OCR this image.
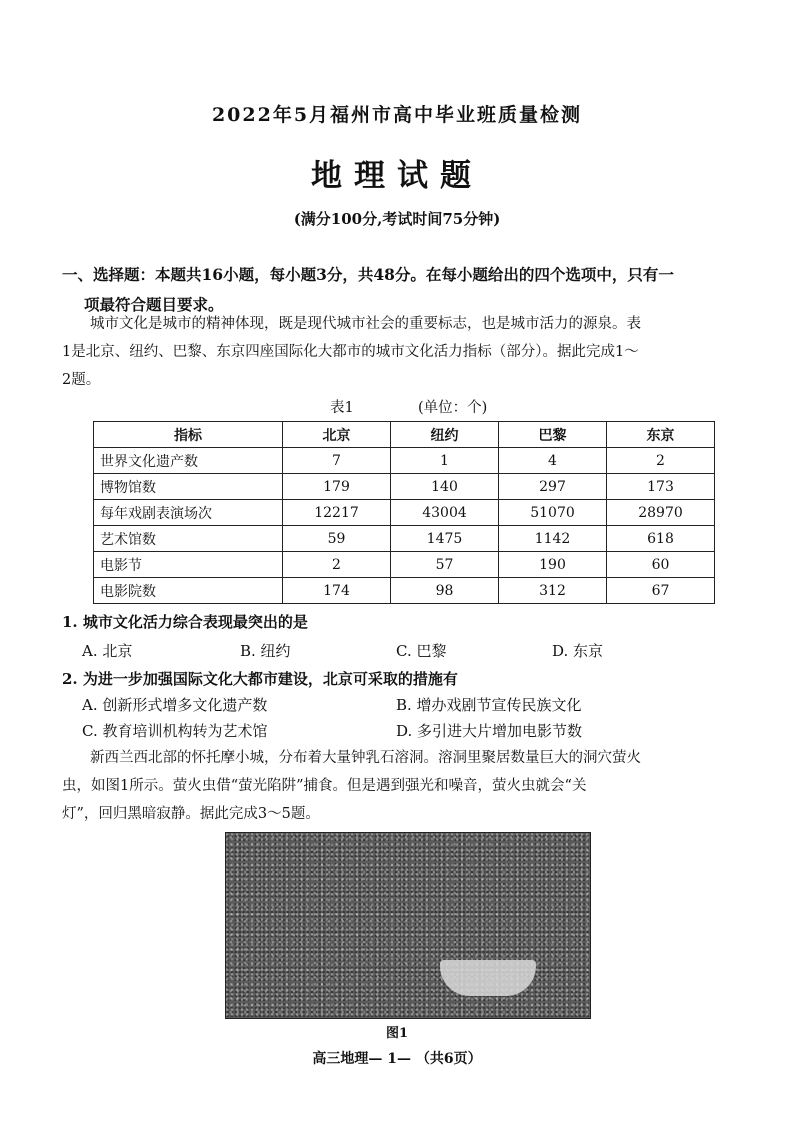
2022年5月福州市高中毕业班质量检测
地理试题
(满分100分,考试时间75分钟)
一、选择题：本题共16小题，每小题3分，共48分。在每小题给出的四个选项中，只有一
项最符合题目要求。

城市文化是城市的精神体现，既是现代城市社会的重要标志，也是城市活力的源泉。表

1是北京、纽约、巴黎、东京四座国际化大都市的城市文化活力指标（部分）。据此完成1～

2题。

表1	(单位：个)
指标	北京	纽约	巴黎	东京
世界文化遗产数	7	1	4	2
博物馆数	179	140	297	173
每年戏剧表演场次	12217	43004	51070	28970
艺术馆数	59	1475	1142	618
电影节	2	57	190	60
电影院数	174	98	312	67
1. 城市文化活力综合表现最突出的是
A. 北京	B. 纽约	C. 巴黎	D. 东京
2. 为进一步加强国际文化大都市建设，北京可采取的措施有
A. 创新形式增多文化遗产数	B. 增办戏剧节宣传民族文化
C. 教育培训机构转为艺术馆	D. 多引进大片增加电影节数

新西兰西北部的怀托摩小城，分布着大量钟乳石溶洞。溶洞里聚居数量巨大的洞穴萤火

虫，如图1所示。萤火虫借“萤光陷阱”捕食。但是遇到强光和噪音，萤火虫就会“关

灯”，回归黑暗寂静。据此完成3～5题。

图1
高三地理— 1— （共6页）
